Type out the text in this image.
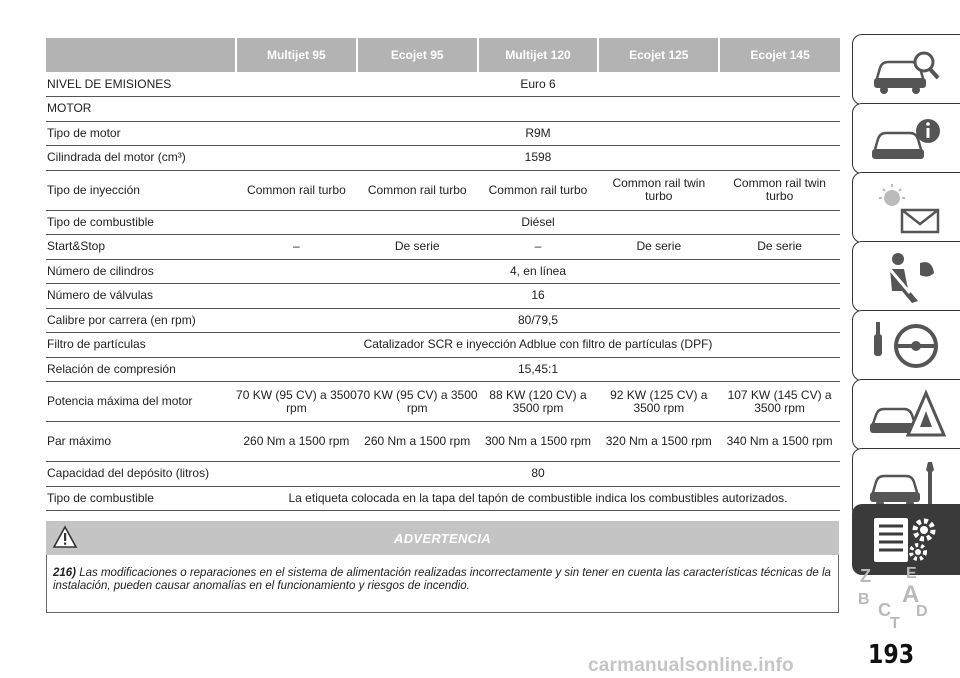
	Multijet 95	Ecojet 95	Multijet 120	Ecojet 125	Ecojet 145
NIVEL DE EMISIONES	Euro 6				
MOTOR					
Tipo de motor	R9M				
Cilindrada del motor (cm³)	1598				
Tipo de inyección	Common rail turbo	Common rail turbo	Common rail turbo	Common rail twin turbo	Common rail twin turbo
Tipo de combustible	Diésel				
Start&Stop	–	De serie	–	De serie	De serie
Número de cilindros	4, en línea				
Número de válvulas	16				
Calibre por carrera (en rpm)	80/79,5				
Filtro de partículas	Catalizador SCR e inyección Adblue con filtro de partículas (DPF)				
Relación de compresión	15,45:1				
Potencia máxima del motor	70 KW (95 CV) a 3500 rpm	70 KW (95 CV) a 3500 rpm	88 KW (120 CV) a 3500 rpm	92 KW (125 CV) a 3500 rpm	107 KW (145 CV) a 3500 rpm
Par máximo	260 Nm a 1500 rpm	260 Nm a 1500 rpm	300 Nm a 1500 rpm	320 Nm a 1500 rpm	340 Nm a 1500 rpm
Capacidad del depósito (litros)	80				
Tipo de combustible	La etiqueta colocada en la tapa del tapón de combustible indica los combustibles autorizados.				
ADVERTENCIA
216) Las modificaciones o reparaciones en el sistema de alimentación realizadas incorrectamente y sin tener en cuenta las características técnicas de la instalación, pueden causar anomalías en el funcionamiento y riesgos de incendio.	Z E
B A
C D
T
193
carmanualsonline.info
